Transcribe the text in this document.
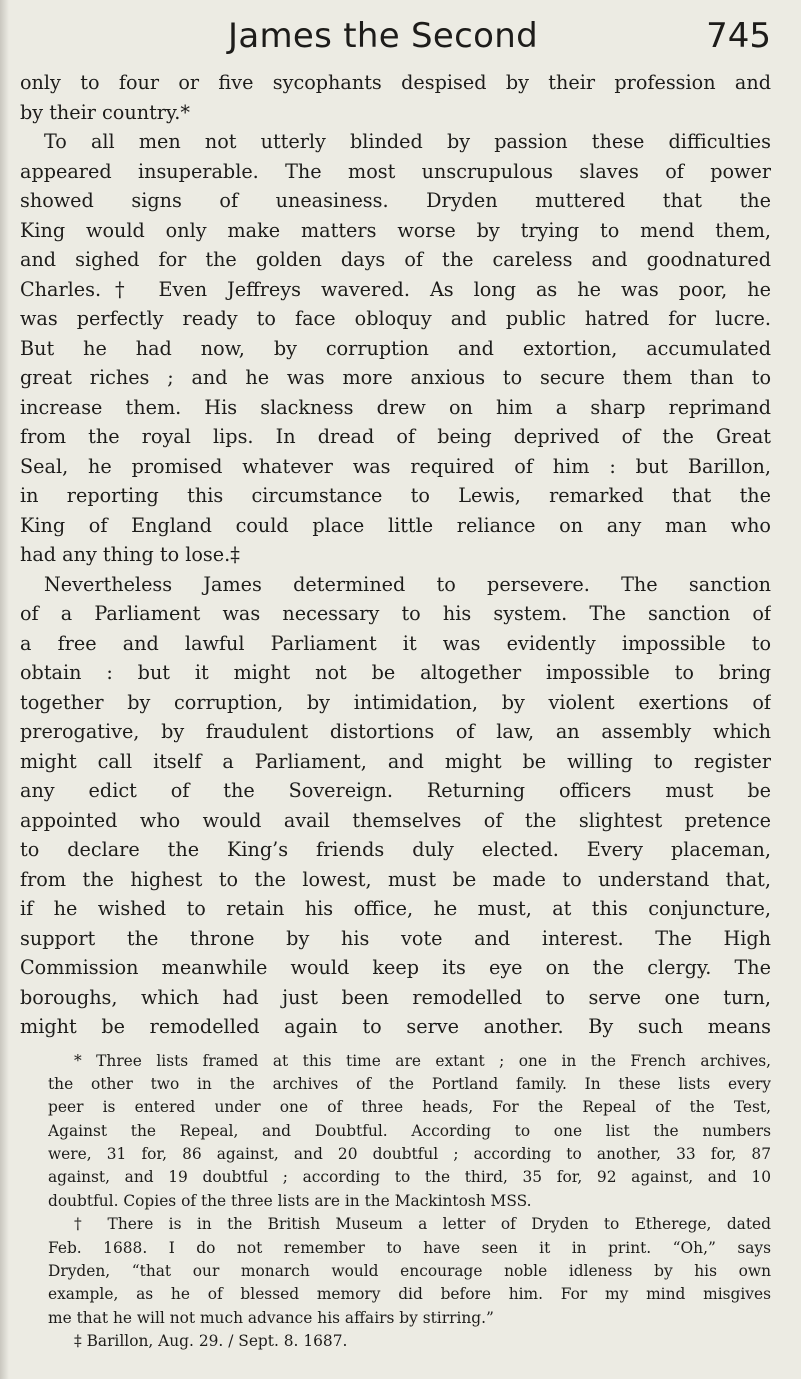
James the Second	745
only to four or five sycophants despised by their profession and
by their country.*
To all men not utterly blinded by passion these difficulties
appeared insuperable. The most unscrupulous slaves of power
showed signs of uneasiness. Dryden muttered that the
King would only make matters worse by trying to mend them,
and sighed for the golden days of the careless and goodnatured
Charles.† Even Jeffreys wavered. As long as he was poor, he
was perfectly ready to face obloquy and public hatred for lucre.
But he had now, by corruption and extortion, accumulated
great riches ; and he was more anxious to secure them than to
increase them. His slackness drew on him a sharp reprimand
from the royal lips. In dread of being deprived of the Great
Seal, he promised whatever was required of him : but Barillon,
in reporting this circumstance to Lewis, remarked that the
King of England could place little reliance on any man who
had any thing to lose.‡
Nevertheless James determined to persevere. The sanction
of a Parliament was necessary to his system. The sanction of
a free and lawful Parliament it was evidently impossible to
obtain : but it might not be altogether impossible to bring
together by corruption, by intimidation, by violent exertions of
prerogative, by fraudulent distortions of law, an assembly which
might call itself a Parliament, and might be willing to register
any edict of the Sovereign. Returning officers must be
appointed who would avail themselves of the slightest pretence
to declare the King’s friends duly elected. Every placeman,
from the highest to the lowest, must be made to understand that,
if he wished to retain his office, he must, at this conjuncture,
support the throne by his vote and interest. The High
Commission meanwhile would keep its eye on the clergy. The
boroughs, which had just been remodelled to serve one turn,
might be remodelled again to serve another. By such means
* Three lists framed at this time are extant ; one in the French archives,
the other two in the archives of the Portland family. In these lists every
peer is entered under one of three heads, For the Repeal of the Test,
Against the Repeal, and Doubtful. According to one list the numbers
were, 31 for, 86 against, and 20 doubtful ; according to another, 33 for, 87
against, and 19 doubtful ; according to the third, 35 for, 92 against, and 10
doubtful. Copies of the three lists are in the Mackintosh MSS.
† There is in the British Museum a letter of Dryden to Etherege, dated
Feb. 1688. I do not remember to have seen it in print. “Oh,” says
Dryden, “that our monarch would encourage noble idleness by his own
example, as he of blessed memory did before him. For my mind misgives
me that he will not much advance his affairs by stirring.”
‡ Barillon, Aug. 29. / Sept. 8. 1687.
